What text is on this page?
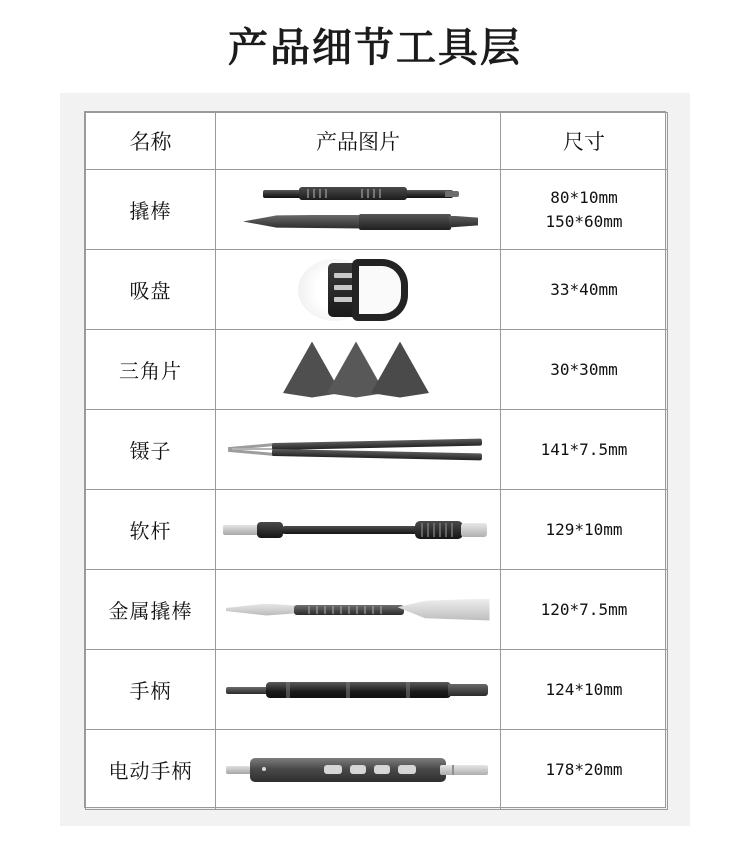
产品细节工具层
名称	产品图片	尺寸
撬棒		80*10mm
150*60mm

吸盘		33*40mm

三角片		30*30mm

镊子		141*7.5mm

软杆		129*10mm

金属撬棒		120*7.5mm

手柄		124*10mm

电动手柄		178*20mm
